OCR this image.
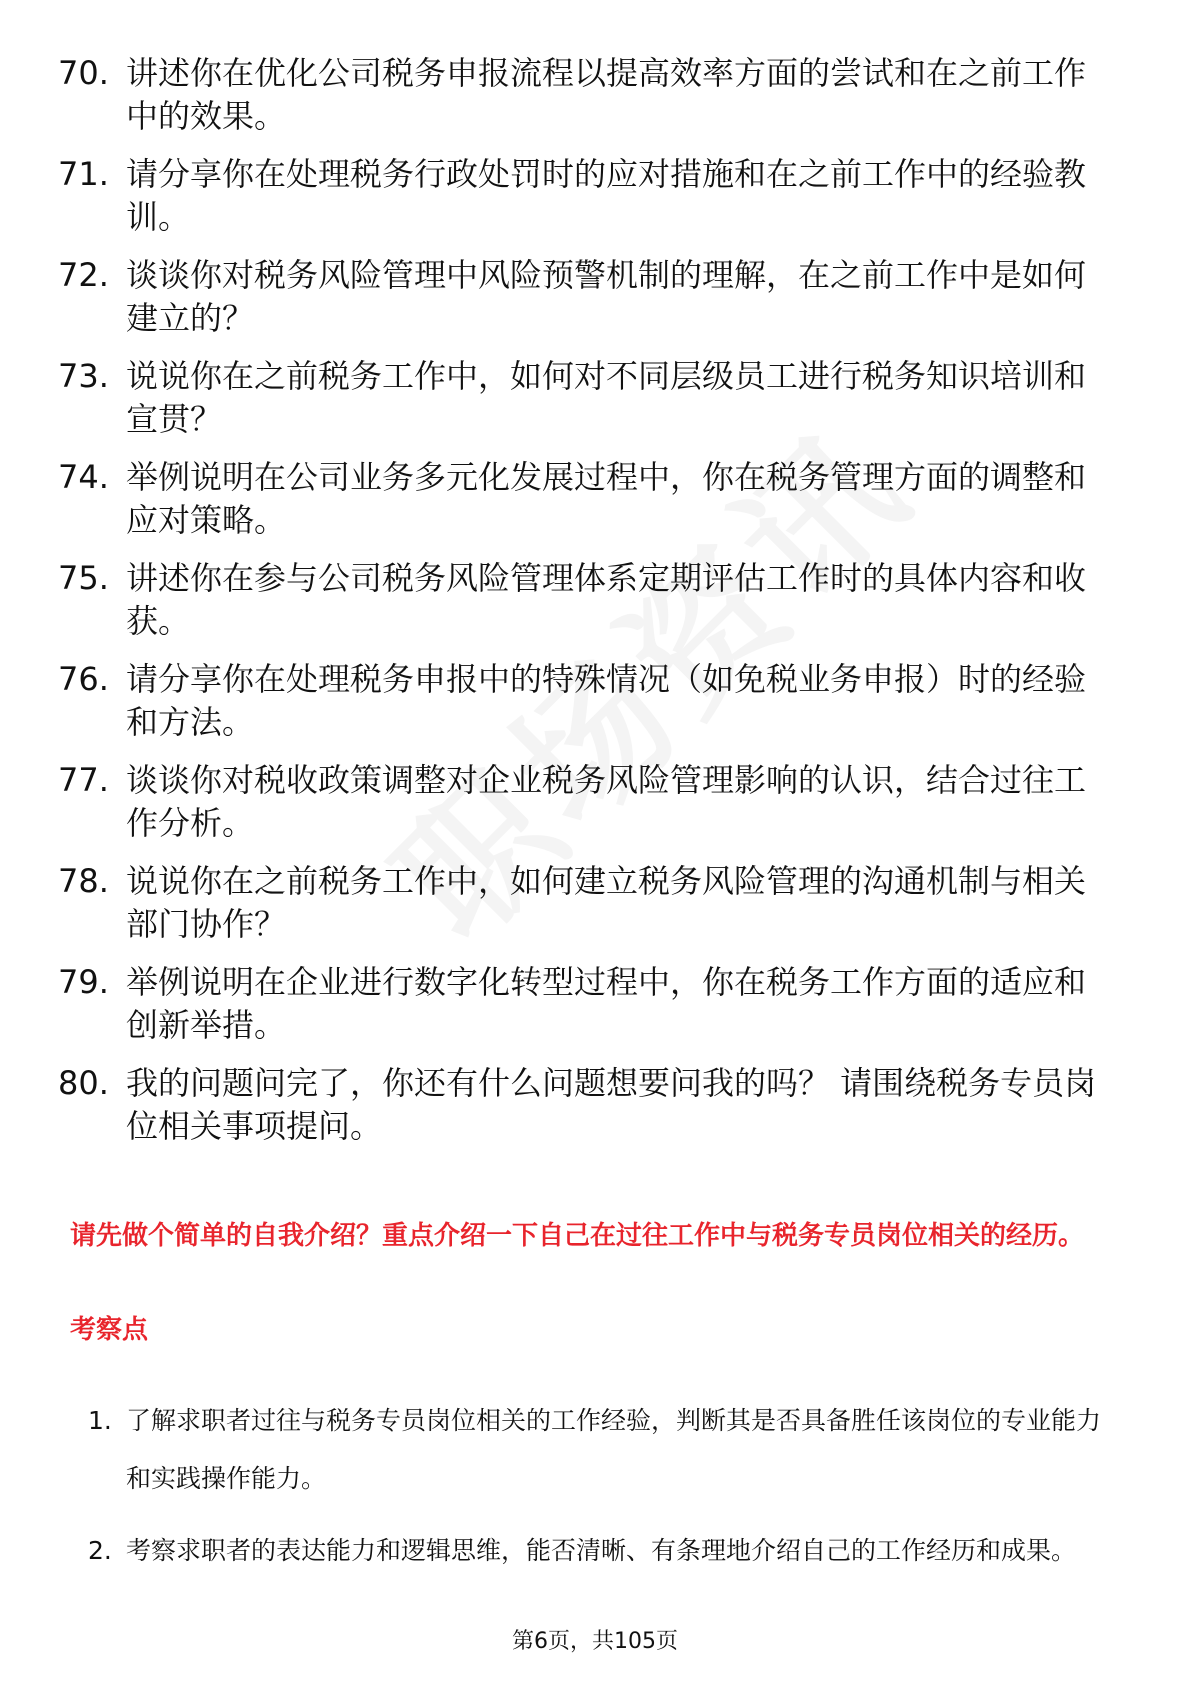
70. 讲述你在优化公司税务申报流程以提高效率方面的尝试和在之前工作中的效果。
71. 请分享你在处理税务行政处罚时的应对措施和在之前工作中的经验教训。
72. 谈谈你对税务风险管理中风险预警机制的理解，在之前工作中是如何建立的？
73. 说说你在之前税务工作中，如何对不同层级员工进行税务知识培训和宣贯？
74. 举例说明在公司业务多元化发展过程中，你在税务管理方面的调整和应对策略。
75. 讲述你在参与公司税务风险管理体系定期评估工作时的具体内容和收获。
76. 请分享你在处理税务申报中的特殊情况（如免税业务申报）时的经验和方法。
77. 谈谈你对税收政策调整对企业税务风险管理影响的认识，结合过往工作分析。
78. 说说你在之前税务工作中，如何建立税务风险管理的沟通机制与相关部门协作？
79. 举例说明在企业进行数字化转型过程中，你在税务工作方面的适应和创新举措。
80. 我的问题问完了，你还有什么问题想要问我的吗？ 请围绕税务专员岗位相关事项提问。
请先做个简单的自我介绍？重点介绍一下自己在过往工作中与税务专员岗位相关的经历。
考察点
1. 了解求职者过往与税务专员岗位相关的工作经验，判断其是否具备胜任该岗位的专业能力和实践操作能力。
2. 考察求职者的表达能力和逻辑思维，能否清晰、有条理地介绍自己的工作经历和成果。
第6页，共105页
